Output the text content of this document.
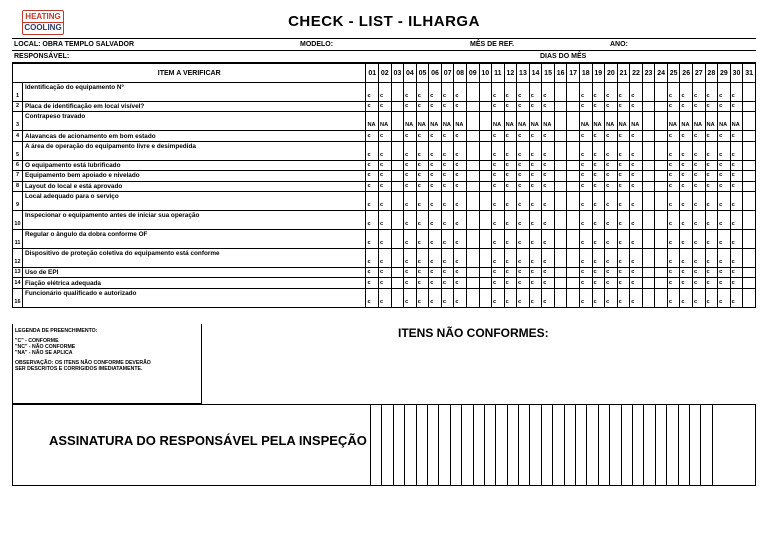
HEATING
COOLING	CHECK - LIST - ILHARGA
LOCAL: OBRA TEMPLO SALVADOR	MODELO:	MÊS DE REF.	ANO:
RESPONSÁVEL:	DIAS DO MÊS
ITEM A VERIFICAR		01	02	03	04	05	06	07	08	09	10	11	12	13	14	15	16	17	18	19	20	21	22	23	24	25	26	27	28	29	30	31
1	Identificação do equipamento Nº	c	c		c	c	c	c	c			c	c	c	c	c			c	c	c	c	c			c	c	c	c	c	c	
2	Placa de identificação em local visível?	c	c		c	c	c	c	c			c	c	c	c	c			c	c	c	c	c			c	c	c	c	c	c	
3	Contrapeso travado	NA	NA		NA	NA	NA	NA	NA			NA	NA	NA	NA	NA			NA	NA	NA	NA	NA			NA	NA	NA	NA	NA	NA	
4	Alavancas de acionamento em bom estado	c	c		c	c	c	c	c			c	c	c	c	c			c	c	c	c	c			c	c	c	c	c	c	
5	A área de operação do equipamento livre e desimpedida	c	c		c	c	c	c	c			c	c	c	c	c			c	c	c	c	c			c	c	c	c	c	c	
6	O equipamento está lubrificado	c	c		c	c	c	c	c			c	c	c	c	c			c	c	c	c	c			c	c	c	c	c	c	
7	Equipamento bem apoiado e nivelado	c	c		c	c	c	c	c			c	c	c	c	c			c	c	c	c	c			c	c	c	c	c	c	
8	Layout do local e está aprovado	c	c		c	c	c	c	c			c	c	c	c	c			c	c	c	c	c			c	c	c	c	c	c	
9	Local adequado para o serviço	c	c		c	c	c	c	c			c	c	c	c	c			c	c	c	c	c			c	c	c	c	c	c	
10	Inspecionar o equipamento antes de iniciar sua operação	c	c		c	c	c	c	c			c	c	c	c	c			c	c	c	c	c			c	c	c	c	c	c	
11	Regular o ângulo da dobra conforme OF	c	c		c	c	c	c	c			c	c	c	c	c			c	c	c	c	c			c	c	c	c	c	c	
12	Dispositivo de proteção coletiva do equipamento está conforme	c	c		c	c	c	c	c			c	c	c	c	c			c	c	c	c	c			c	c	c	c	c	c	
13	Uso de EPI	c	c		c	c	c	c	c			c	c	c	c	c			c	c	c	c	c			c	c	c	c	c	c	
14	Fiação elétrica adequada	c	c		c	c	c	c	c			c	c	c	c	c			c	c	c	c	c			c	c	c	c	c	c	
16	Funcionário qualificado e autorizado	c	c		c	c	c	c	c			c	c	c	c	c			c	c	c	c	c			c	c	c	c	c	c	
LEGENDA DE PREENCHIMENTO:
"C" - CONFORME
"NC" - NÃO CONFORME
"NA" - NÃO SE APLICA
OBSERVAÇÃO: OS ITENS NÃO CONFORME DEVERÃO
SER DESCRITOS E CORRIGIDOS IMEDIATAMENTE.
ITENS NÃO CONFORMES:
ASSINATURA DO RESPONSÁVEL PELA INSPEÇÃO
